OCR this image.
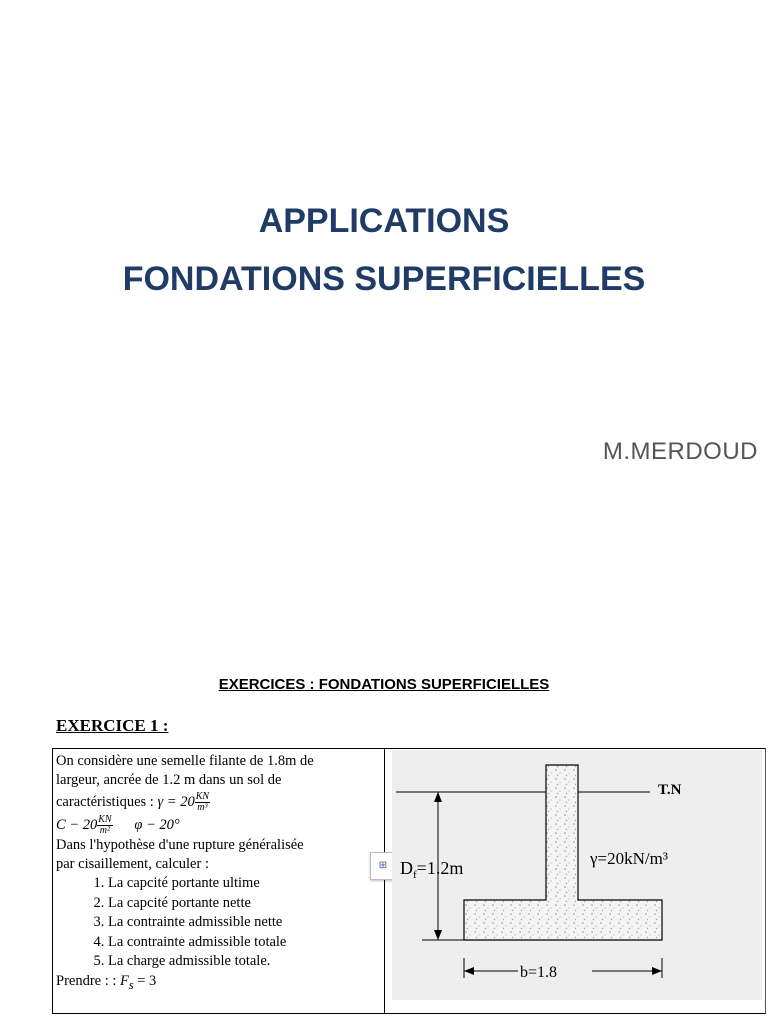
APPLICATIONS
FONDATIONS SUPERFICIELLES
M.MERDOUD
EXERCICES : FONDATIONS SUPERFICIELLES
EXERCICE 1 :

On considère une semelle filante de 1.8m de

largeur, ancrée de 1.2 m dans un sol de

caractéristiques : $\gamma = 20 \frac{KN}{\text{m³}}$

$C - 20 \frac{KN}{\text{m²}}$ φ − 20°

Dans l'hypothèse d'une rupture généralisée

par cisaillement, calculer :

1. La capcité portante ultime
2. La capcité portante nette
3. La contrainte admissible nette
4. La contrainte admissible totale
5. La charge admissible totale.

Prendre : : $F_s = 3$

⊞
T.N
$D_f=1.2m$	γ=20kN/m³
b=1.8
